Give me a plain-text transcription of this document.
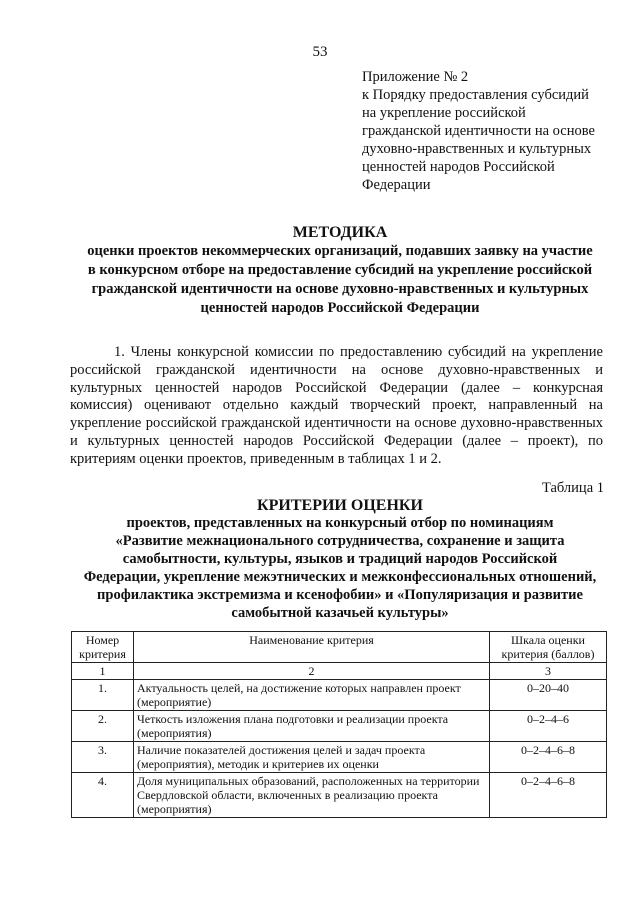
53
Приложение № 2
к Порядку предоставления субсидий
на укрепление российской
гражданской идентичности на основе
духовно-нравственных и культурных
ценностей народов Российской
Федерации
МЕТОДИКА
оценки проектов некоммерческих организаций, подавших заявку на участие
в конкурсном отборе на предоставление субсидий на укрепление российской
гражданской идентичности на основе духовно-нравственных и культурных
ценностей народов Российской Федерации
1. Члены конкурсной комиссии по предоставлению субсидий на укрепление российской гражданской идентичности на основе духовно-нравственных и культурных ценностей народов Российской Федерации (далее – конкурсная комиссия) оценивают отдельно каждый творческий проект, направленный на укрепление российской гражданской идентичности на основе духовно-нравственных и культурных ценностей народов Российской Федерации (далее – проект), по критериям оценки проектов, приведенным в таблицах 1 и 2.
Таблица 1
КРИТЕРИИ ОЦЕНКИ
проектов, представленных на конкурсный отбор по номинациям
«Развитие межнационального сотрудничества, сохранение и защита
самобытности, культуры, языков и традиций народов Российской
Федерации, укрепление межэтнических и межконфессиональных отношений,
профилактика экстремизма и ксенофобии» и «Популяризация и развитие
самобытной казачьей культуры»
Номер критерия	Наименование критерия	Шкала оценки критерия (баллов)
1	2	3
1.	Актуальность целей, на достижение которых направлен проект (мероприятие)	0–20–40
2.	Четкость изложения плана подготовки и реализации проекта (мероприятия)	0–2–4–6
3.	Наличие показателей достижения целей и задач проекта (мероприятия), методик и критериев их оценки	0–2–4–6–8
4.	Доля муниципальных образований, расположенных на территории Свердловской области, включенных в реализацию проекта (мероприятия)	0–2–4–6–8
